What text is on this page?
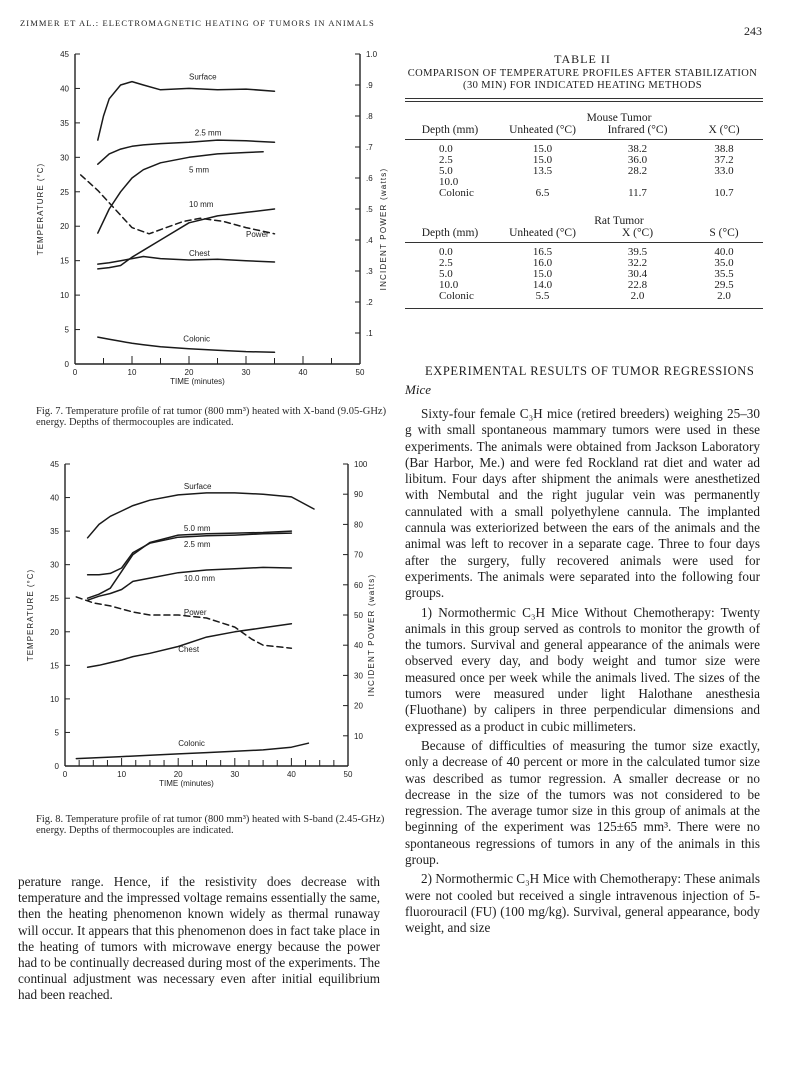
ZIMMER ET AL.: ELECTROMAGNETIC HEATING OF TUMORS IN ANIMALS
243
0
5
10
15
20
25
30
35
40
45
.1
.2
.3
.4
.5
.6
.7
.8
.9
1.0
0	10	20	30	40	50
TEMPERATURE (°C)	INCIDENT POWER (watts)
TIME (minutes)
Surface
2.5 mm
5 mm
10 mm
Power
Chest
Colonic
Fig. 7. Temperature profile of rat tumor (800 mm³) heated with X-band (9.05-GHz) energy. Depths of thermocouples are indicated.
0
5
10
15
20
25
30
35
40
45
10
20
30
40
50
60
70
80
90
100
0	10	20	30	40	50
TEMPERATURE (°C)	INCIDENT POWER (watts)
TIME (minutes)
Surface
5.0 mm
2.5 mm
10.0 mm
Power
Chest
Colonic
Fig. 8. Temperature profile of rat tumor (800 mm³) heated with S-band (2.45-GHz) energy. Depths of thermocouples are indicated.

perature range. Hence, if the resistivity does decrease with temperature and the impressed voltage remains essentially the same, then the heating phenomenon known widely as thermal runaway will occur. It appears that this phenomenon does in fact take place in the heating of tumors with microwave energy because the power had to be continually decreased during most of the experiments. The continual adjustment was necessary even after initial equilibrium had been reached.

TABLE II
COMPARISON OF TEMPERATURE PROFILES AFTER STABILIZATION
(30 MIN) FOR INDICATED HEATING METHODS
Mouse Tumor
Depth (mm)	Unheated (°C)	Infrared (°C)	X (°C)
0.0	15.0	38.2	38.8
2.5	15.0	36.0	37.2
5.0	13.5	28.2	33.0
10.0
Colonic	6.5	11.7	10.7
Rat Tumor
Depth (mm)	Unheated (°C)	X (°C)	S (°C)
0.0	16.5	39.5	40.0
2.5	16.0	32.2	35.0
5.0	15.0	30.4	35.5
10.0	14.0	22.8	29.5
Colonic	5.5	2.0	2.0
EXPERIMENTAL RESULTS OF TUMOR REGRESSIONS
Mice

Sixty-four female C₃H mice (retired breeders) weighing 25–30 g with small spontaneous mammary tumors were used in these experiments. The animals were obtained from Jackson Laboratory (Bar Harbor, Me.) and were fed Rockland rat diet and water ad libitum. Four days after shipment the animals were anesthetized with Nembutal and the right jugular vein was permanently cannulated with a small polyethylene cannula. The implanted cannula was exteriorized between the ears of the animals and the animal was left to recover in a separate cage. Three to four days after the surgery, fully recovered animals were used for experiments. The animals were separated into the following four groups.

1) Normothermic C₃H Mice Without Chemotherapy: Twenty animals in this group served as controls to monitor the growth of the tumors. Survival and general appearance of the animals were observed every day, and body weight and tumor size were measured once per week while the animals lived. The sizes of the tumors were measured under light Halothane anesthesia (Fluothane) by calipers in three perpendicular dimensions and expressed as a product in cubic millimeters.

Because of difficulties of measuring the tumor size exactly, only a decrease of 40 percent or more in the calculated tumor size was described as tumor regression. A smaller decrease or no decrease in the size of the tumors was not considered to be regression. The average tumor size in this group of animals at the beginning of the experiment was 125±65 mm³. There were no spontaneous regressions of tumors in any of the animals in this group.

2) Normothermic C₃H Mice with Chemotherapy: These animals were not cooled but received a single intravenous injection of 5-fluorouracil (FU) (100 mg/kg). Survival, general appearance, body weight, and size
